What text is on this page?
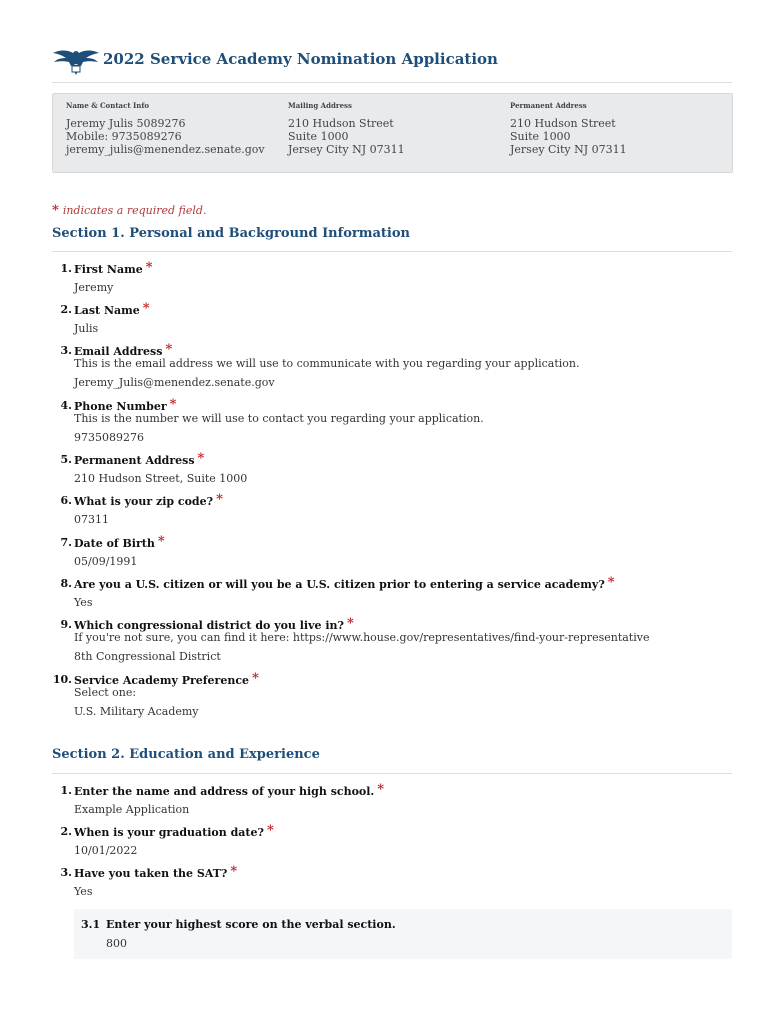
2022 Service Academy Nomination Application
Name & Contact Info
Jeremy Julis 5089276
Mobile: 9735089276
jeremy_julis@menendez.senate.gov
Mailing Address
210 Hudson Street
Suite 1000
Jersey City NJ 07311
Permanent Address
210 Hudson Street
Suite 1000
Jersey City NJ 07311
* indicates a required field.
Section 1. Personal and Background Information
1. First Name *
Jeremy
2. Last Name *
Julis
3. Email Address *
This is the email address we will use to communicate with you regarding your application.
Jeremy_Julis@menendez.senate.gov
4. Phone Number *
This is the number we will use to contact you regarding your application.
9735089276
5. Permanent Address *
210 Hudson Street, Suite 1000
6. What is your zip code? *
07311
7. Date of Birth *
05/09/1991
8. Are you a U.S. citizen or will you be a U.S. citizen prior to entering a service academy? *
Yes
9. Which congressional district do you live in? *
If you're not sure, you can find it here: https://www.house.gov/representatives/find-your-representative
8th Congressional District
10. Service Academy Preference *
Select one:
U.S. Military Academy
Section 2. Education and Experience
1. Enter the name and address of your high school. *
Example Application
2. When is your graduation date? *
10/01/2022
3. Have you taken the SAT? *
Yes
3.1 Enter your highest score on the verbal section.
800
